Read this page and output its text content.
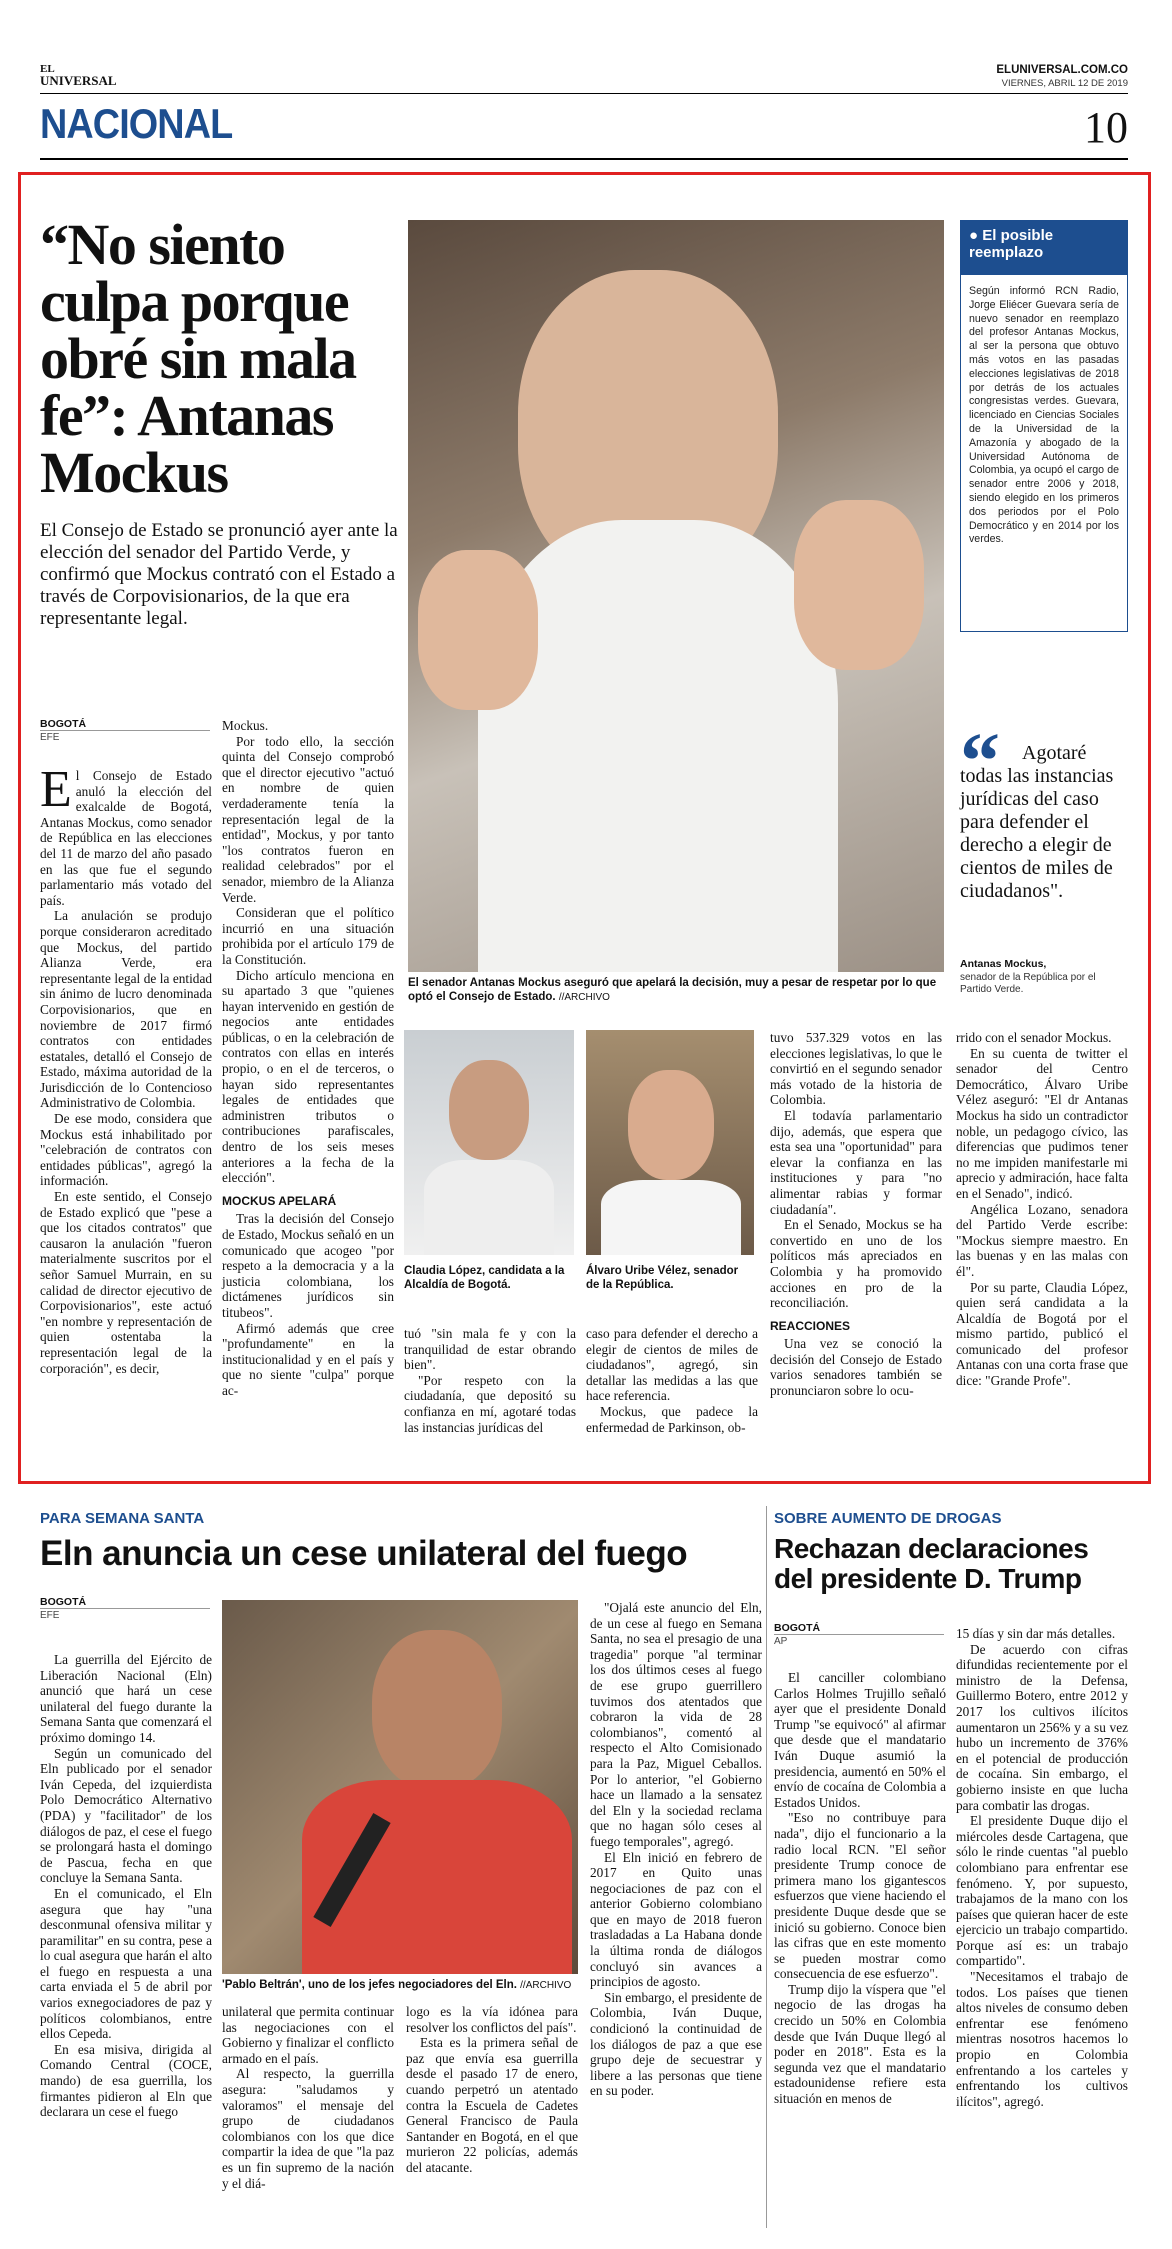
EL
UNIVERSAL
ELUNIVERSAL.COM.CO
VIERNES, ABRIL 12 DE 2019
NACIONAL	10
“No siento culpa porque obré sin mala fe”: Antanas Mockus
El Consejo de Estado se pronunció ayer ante la elección del senador del Partido Verde, y confirmó que Mockus contrató con el Estado a través de Corpovisionarios, de la que era representante legal.
El senador Antanas Mockus aseguró que apelará la decisión, muy a pesar de respetar por lo que optó el Consejo de Estado. //ARCHIVO
● El posible reemplazo
Según informó RCN Radio, Jorge Eliécer Guevara sería de nuevo senador en reemplazo del profesor Antanas Mockus, al ser la persona que obtuvo más votos en las pasadas elecciones legislativas de 2018 por detrás de los actuales congresistas verdes. Guevara, licenciado en Ciencias Sociales de la Universidad de la Amazonía y abogado de la Universidad Autónoma de Colombia, ya ocupó el cargo de senador entre 2006 y 2018, siendo elegido en los primeros dos periodos por el Polo Democrático y en 2014 por los verdes.
“	Agotaré todas las instancias jurídicas del caso para defender el derecho a elegir de cientos de miles de ciudadanos".
Antanas Mockus,
senador de la República por el Partido Verde.
BOGOTÁ
EFE

El Consejo de Estado anuló la elección del exalcalde de Bogotá, Antanas Mockus, como senador de República en las elecciones del 11 de marzo del año pasado en las que fue el segundo parlamentario más votado del país.

La anulación se produjo porque consideraron acreditado que Mockus, del partido Alianza Verde, era representante legal de la entidad sin ánimo de lucro denominada Corpovisionarios, que en noviembre de 2017 firmó contratos con entidades estatales, detalló el Consejo de Estado, máxima autoridad de la Jurisdicción de lo Contencioso Administrativo de Colombia.

De ese modo, considera que Mockus está inhabilitado por "celebración de contratos con entidades públicas", agregó la información.

En este sentido, el Consejo de Estado explicó que "pese a que los citados contratos" que causaron la anulación "fueron materialmente suscritos por el señor Samuel Murrain, en su calidad de director ejecutivo de Corpovisionarios", este actuó "en nombre y representación de quien ostentaba la representación legal de la corporación", es decir,

Mockus.

Por todo ello, la sección quinta del Consejo comprobó que el director ejecutivo "actuó en nombre de quien verdaderamente tenía la representación legal de la entidad", Mockus, y por tanto "los contratos fueron en realidad celebrados" por el senador, miembro de la Alianza Verde.

Consideran que el político incurrió en una situación prohibida por el artículo 179 de la Constitución.

Dicho artículo menciona en su apartado 3 que "quienes hayan intervenido en gestión de negocios ante entidades públicas, o en la celebración de contratos con ellas en interés propio, o en el de terceros, o hayan sido representantes legales de entidades que administren tributos o contribuciones parafiscales, dentro de los seis meses anteriores a la fecha de la elección".

MOCKUS APELARÁ

Tras la decisión del Consejo de Estado, Mockus señaló en un comunicado que acogeo "por respeto a la democracia y a la justicia colombiana, los dictámenes jurídicos sin titubeos".

Afirmó además que cree "profundamente" en la institucionalidad y en el país y que no siente "culpa" porque ac-

Claudia López, candidata a la Alcaldía de Bogotá.
Álvaro Uribe Vélez, senador de la República.

tuó "sin mala fe y con la tranquilidad de estar obrando bien".

"Por respeto con la ciudadanía, que depositó su confianza en mí, agotaré todas las instancias jurídicas del

caso para defender el derecho a elegir de cientos de miles de ciudadanos", agregó, sin detallar las medidas a las que hace referencia.

Mockus, que padece la enfermedad de Parkinson, ob-

tuvo 537.329 votos en las elecciones legislativas, lo que le convirtió en el segundo senador más votado de la historia de Colombia.

El todavía parlamentario dijo, además, que espera que esta sea una "oportunidad" para elevar la confianza en las instituciones y para "no alimentar rabias y formar ciudadanía".

En el Senado, Mockus se ha convertido en uno de los políticos más apreciados en Colombia y ha promovido acciones en pro de la reconciliación.

REACCIONES

Una vez se conoció la decisión del Consejo de Estado varios senadores también se pronunciaron sobre lo ocu-

rrido con el senador Mockus.

En su cuenta de twitter el senador del Centro Democrático, Álvaro Uribe Vélez aseguró: "El dr Antanas Mockus ha sido un contradictor noble, un pedagogo cívico, las diferencias que pudimos tener no me impiden manifestarle mi aprecio y admiración, hace falta en el Senado", indicó.

Angélica Lozano, senadora del Partido Verde escribe: "Mockus siempre maestro. En las buenas y en las malas con él".

Por su parte, Claudia López, quien será candidata a la Alcaldía de Bogotá por el mismo partido, publicó el comunicado del profesor Antanas con una corta frase que dice: "Grande Profe".

PARA SEMANA SANTA
Eln anuncia un cese unilateral del fuego
BOGOTÁ
EFE

La guerrilla del Ejército de Liberación Nacional (Eln) anunció que hará un cese unilateral del fuego durante la Semana Santa que comenzará el próximo domingo 14.

Según un comunicado del Eln publicado por el senador Iván Cepeda, del izquierdista Polo Democrático Alternativo (PDA) y "facilitador" de los diálogos de paz, el cese el fuego se prolongará hasta el domingo de Pascua, fecha en que concluye la Semana Santa.

En el comunicado, el Eln asegura que hay "una desconmunal ofensiva militar y paramilitar" en su contra, pese a lo cual asegura que harán el alto el fuego en respuesta a una carta enviada el 5 de abril por varios exnegociadores de paz y políticos colombianos, entre ellos Cepeda.

En esa misiva, dirigida al Comando Central (COCE, mando) de esa guerrilla, los firmantes pidieron al Eln que declarara un cese el fuego

'Pablo Beltrán', uno de los jefes negociadores del Eln. //ARCHIVO

unilateral que permita continuar las negociaciones con el Gobierno y finalizar el conflicto armado en el país.

Al respecto, la guerrilla asegura: "saludamos y valoramos" el mensaje del grupo de ciudadanos colombianos con los que dice compartir la idea de que "la paz es un fin supremo de la nación y el diá-

logo es la vía idónea para resolver los conflictos del país".

Esta es la primera señal de paz que envía esa guerrilla desde el pasado 17 de enero, cuando perpetró un atentado contra la Escuela de Cadetes General Francisco de Paula Santander en Bogotá, en el que murieron 22 policías, además del atacante.

"Ojalá este anuncio del Eln, de un cese al fuego en Semana Santa, no sea el presagio de una tragedia" porque "al terminar los dos últimos ceses al fuego de ese grupo guerrillero tuvimos dos atentados que cobraron la vida de 28 colombianos", comentó al respecto el Alto Comisionado para la Paz, Miguel Ceballos. Por lo anterior, "el Gobierno hace un llamado a la sensatez del Eln y la sociedad reclama que no hagan sólo ceses al fuego temporales", agregó.

El Eln inició en febrero de 2017 en Quito unas negociaciones de paz con el anterior Gobierno colombiano que en mayo de 2018 fueron trasladadas a La Habana donde la última ronda de diálogos concluyó sin avances a principios de agosto.

Sin embargo, el presidente de Colombia, Iván Duque, condicionó la continuidad de los diálogos de paz a que ese grupo deje de secuestrar y libere a las personas que tiene en su poder.

SOBRE AUMENTO DE DROGAS
Rechazan declaraciones del presidente D. Trump
BOGOTÁ
AP

El canciller colombiano Carlos Holmes Trujillo señaló ayer que el presidente Donald Trump "se equivocó" al afirmar que desde que el mandatario Iván Duque asumió la presidencia, aumentó en 50% el envío de cocaína de Colombia a Estados Unidos.

"Eso no contribuye para nada", dijo el funcionario a la radio local RCN. "El señor presidente Trump conoce de primera mano los gigantescos esfuerzos que viene haciendo el presidente Duque desde que se inició su gobierno. Conoce bien las cifras que en este momento se pueden mostrar como consecuencia de ese esfuerzo".

Trump dijo la víspera que "el negocio de las drogas ha crecido un 50% en Colombia desde que Iván Duque llegó al poder en 2018". Esta es la segunda vez que el mandatario estadounidense refiere esta situación en menos de

15 días y sin dar más detalles.

De acuerdo con cifras difundidas recientemente por el ministro de la Defensa, Guillermo Botero, entre 2012 y 2017 los cultivos ilícitos aumentaron un 256% y a su vez hubo un incremento de 376% en el potencial de producción de cocaína. Sin embargo, el gobierno insiste en que lucha para combatir las drogas.

El presidente Duque dijo el miércoles desde Cartagena, que sólo le rinde cuentas "al pueblo colombiano para enfrentar ese fenómeno. Y, por supuesto, trabajamos de la mano con los países que quieran hacer de este ejercicio un trabajo compartido. Porque así es: un trabajo compartido".

"Necesitamos el trabajo de todos. Los países que tienen altos niveles de consumo deben enfrentar ese fenómeno mientras nosotros hacemos lo propio en Colombia enfrentando a los carteles y enfrentando los cultivos ilícitos", agregó.
